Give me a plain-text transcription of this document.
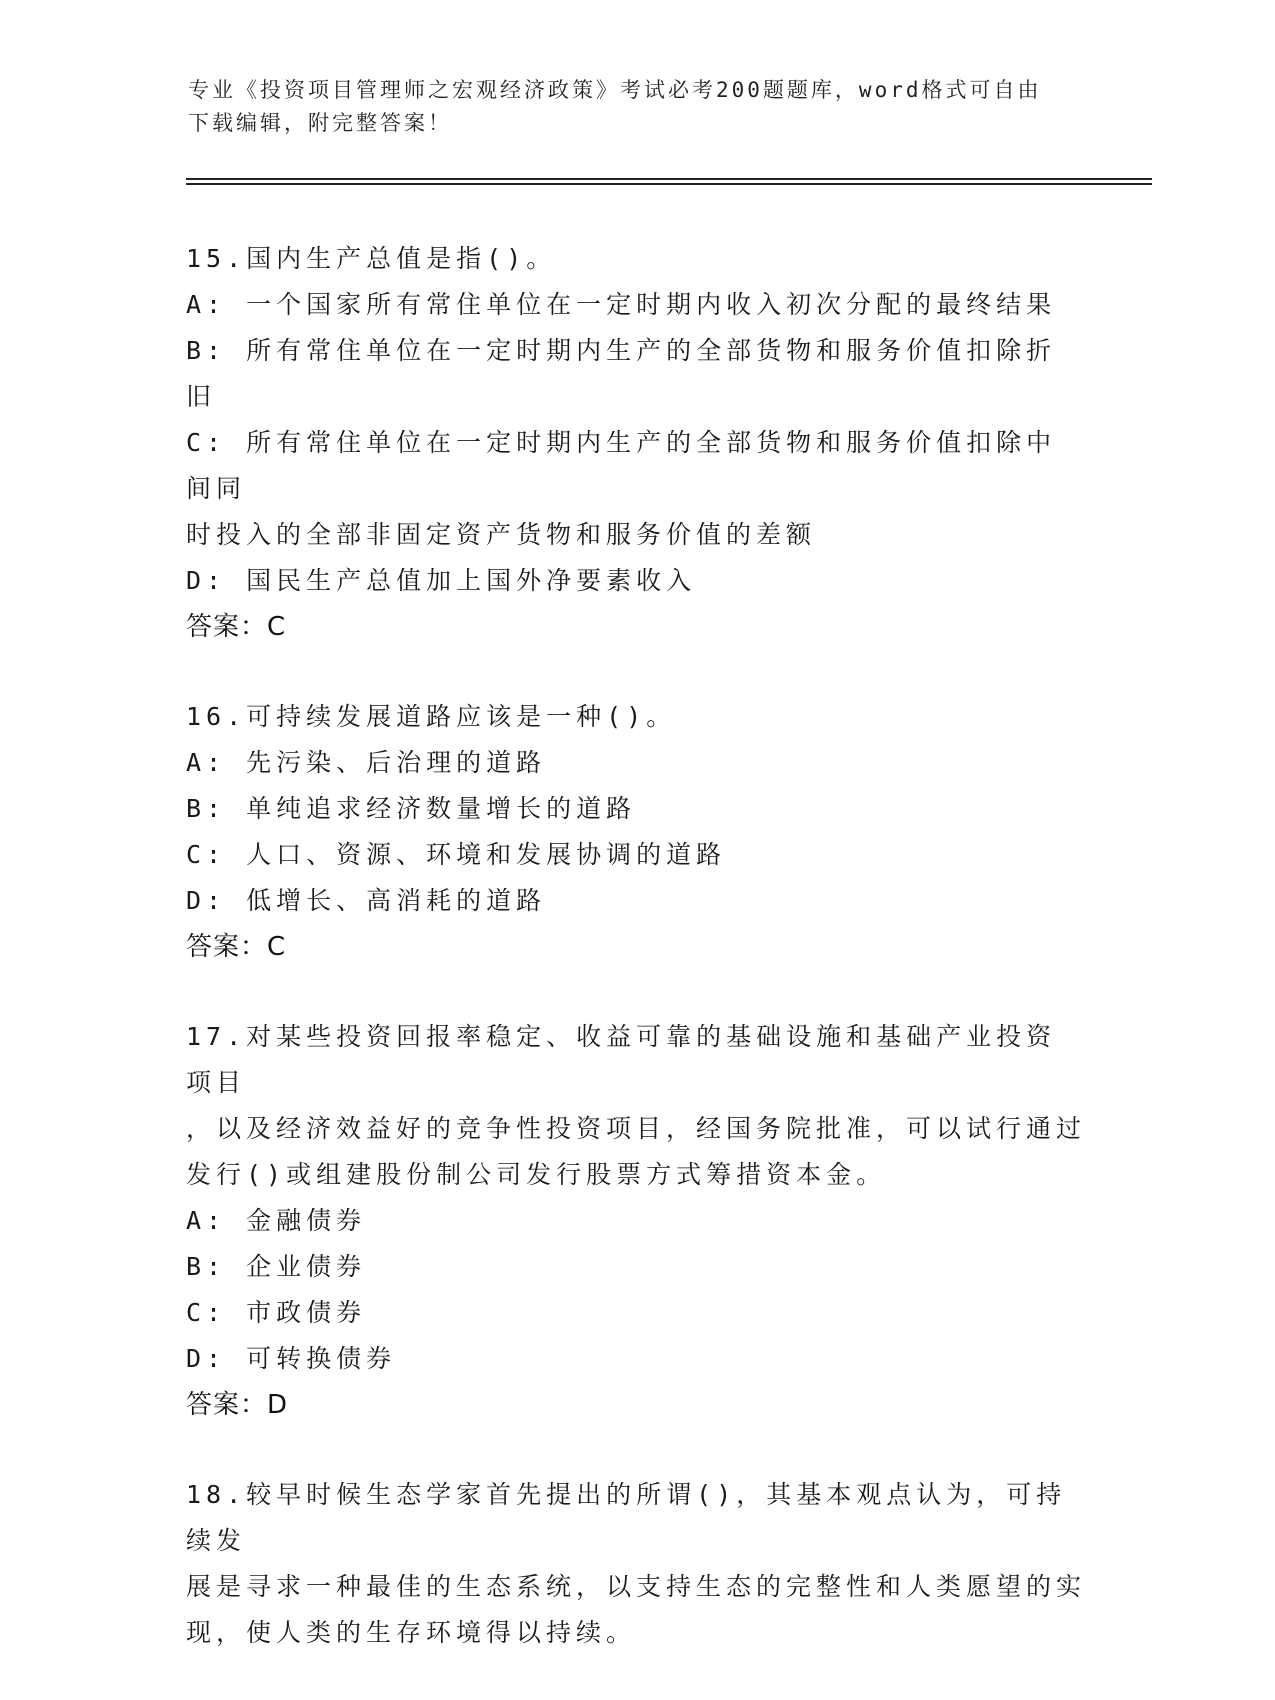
专业《投资项目管理师之宏观经济政策》考试必考200题题库，word格式可自由
下载编辑，附完整答案！
15.国内生产总值是指()。
A: 一个国家所有常住单位在一定时期内收入初次分配的最终结果
B: 所有常住单位在一定时期内生产的全部货物和服务价值扣除折旧
C: 所有常住单位在一定时期内生产的全部货物和服务价值扣除中间同
时投入的全部非固定资产货物和服务价值的差额
D: 国民生产总值加上国外净要素收入
答案：C
16.可持续发展道路应该是一种()。
A: 先污染、后治理的道路
B: 单纯追求经济数量增长的道路
C: 人口、资源、环境和发展协调的道路
D: 低增长、高消耗的道路
答案：C
17.对某些投资回报率稳定、收益可靠的基础设施和基础产业投资项目
，以及经济效益好的竞争性投资项目，经国务院批准，可以试行通过
发行()或组建股份制公司发行股票方式筹措资本金。
A: 金融债券
B: 企业债券
C: 市政债券
D: 可转换债券
答案：D
18.较早时候生态学家首先提出的所谓()，其基本观点认为，可持续发
展是寻求一种最佳的生态系统，以支持生态的完整性和人类愿望的实
现，使人类的生存环境得以持续。
